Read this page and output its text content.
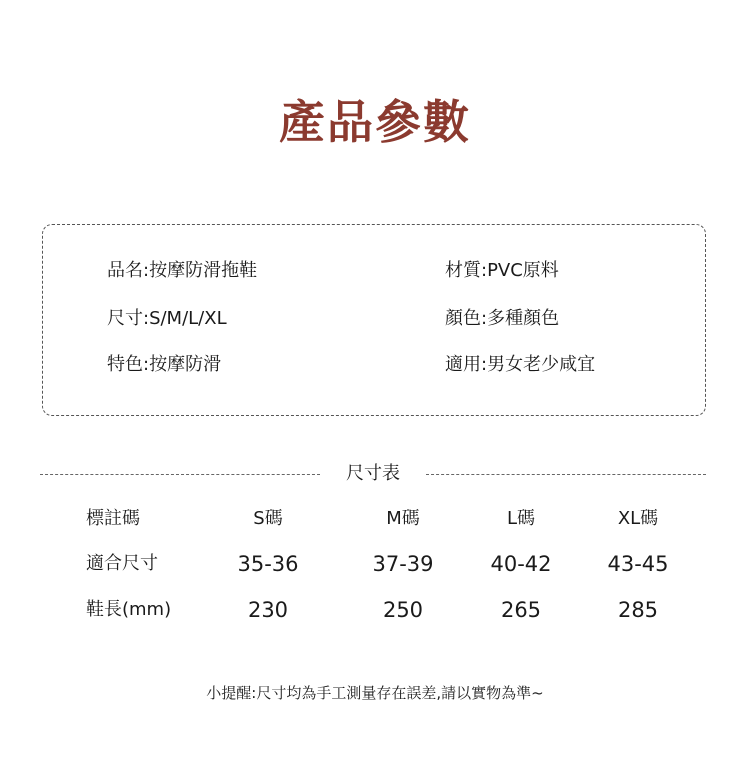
產品參數
品名:按摩防滑拖鞋	材質:PVC原料
尺寸:S/M/L/XL	顏色:多種顏色
特色:按摩防滑	適用:男女老少咸宜
尺寸表
標註碼	S碼	M碼	L碼	XL碼
適合尺寸	35-36	37-39	40-42	43-45
鞋長(mm)	230	250	265	285
小提醒:尺寸均為手工測量存在誤差,請以實物為準~
